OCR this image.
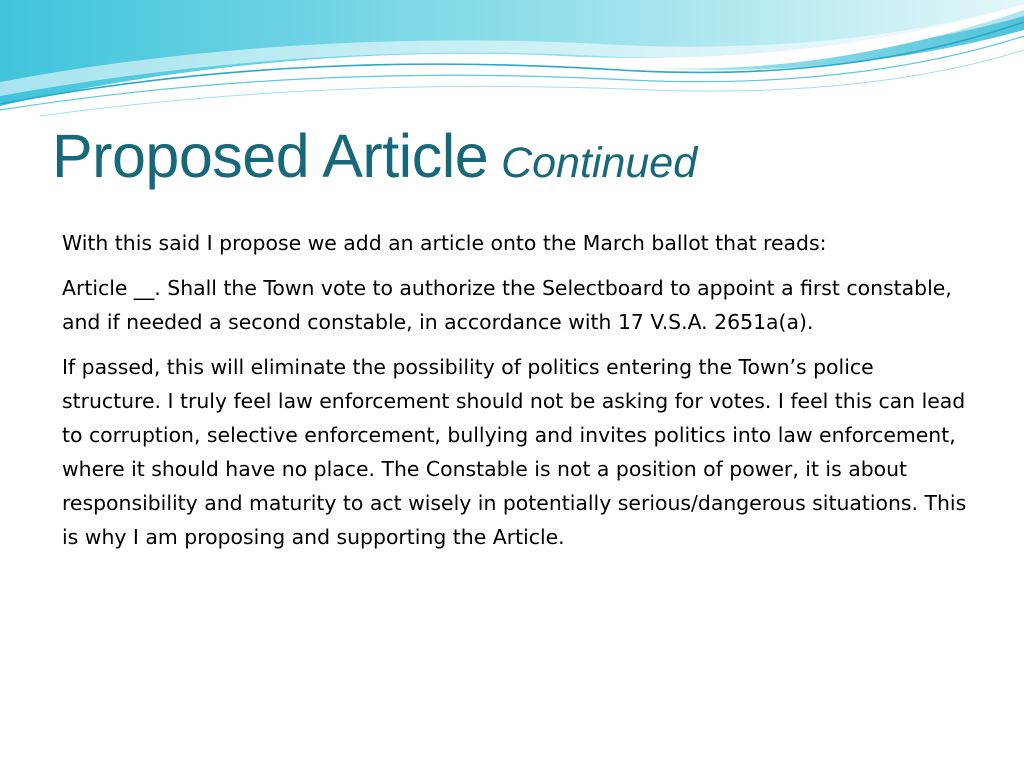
Proposed Article Continued

With this said I propose we add an article onto the March ballot that reads:

Article __. Shall the Town vote to authorize the Selectboard to appoint a first constable, and if needed a second constable, in accordance with 17 V.S.A. 2651a(a).

If passed, this will eliminate the possibility of politics entering the Town’s police structure. I truly feel law enforcement should not be asking for votes. I feel this can lead to corruption, selective enforcement, bullying and invites politics into law enforcement, where it should have no place. The Constable is not a position of power, it is about responsibility and maturity to act wisely in potentially serious/dangerous situations. This is why I am proposing and supporting the Article.
